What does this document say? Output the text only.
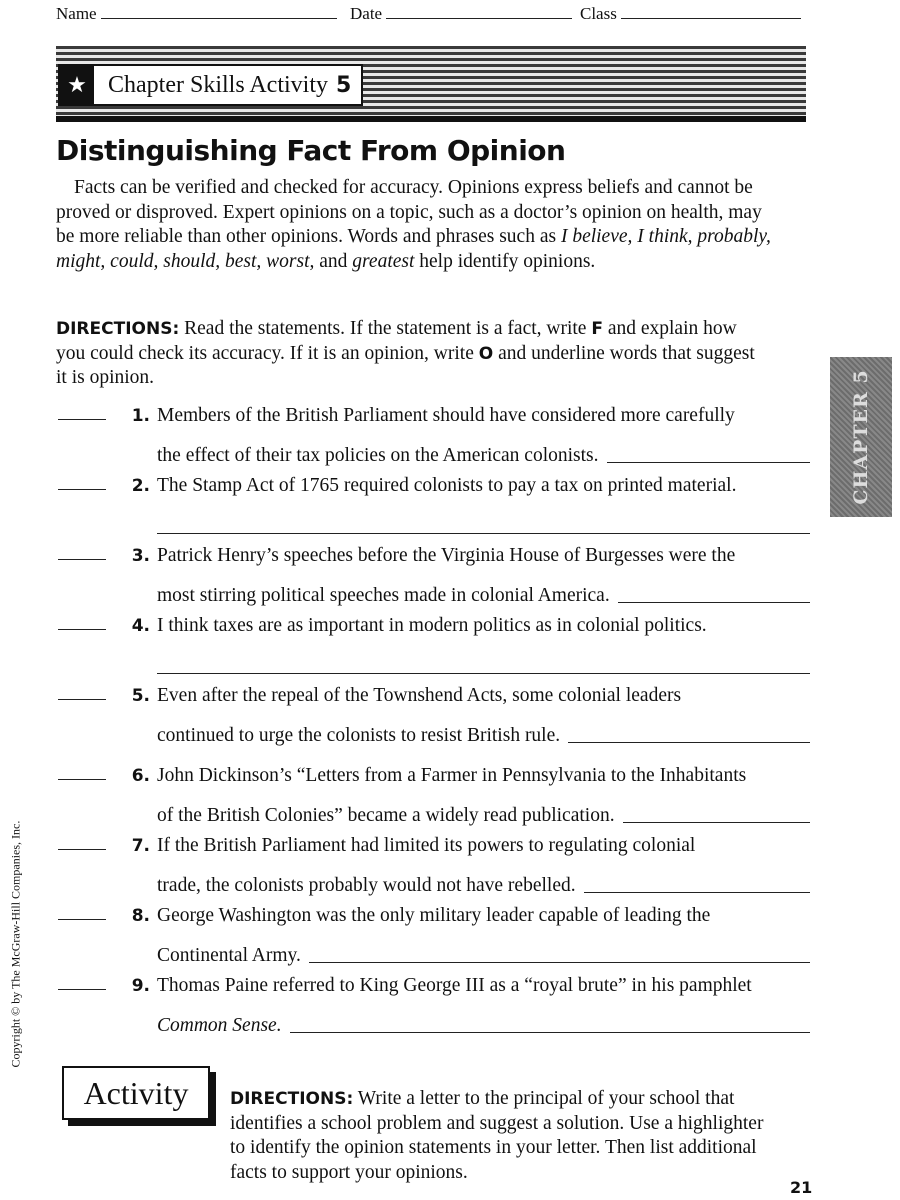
Name	Date	Class
★ Chapter Skills Activity 5
Distinguishing Fact From Opinion

Facts can be verified and checked for accuracy. Opinions express beliefs and cannot be proved or disproved. Expert opinions on a topic, such as a doctor’s opinion on health, may be more reliable than other opinions. Words and phrases such as I believe, I think, probably, might, could, should, best, worst, and greatest help identify opinions.

DIRECTIONS: Read the statements. If the statement is a fact, write F and explain how you could check its accuracy. If it is an opinion, write O and underline words that suggest it is opinion.
1. Members of the British Parliament should have considered more carefully
the effect of their tax policies on the American colonists.
2. The Stamp Act of 1765 required colonists to pay a tax on printed material.
3. Patrick Henry’s speeches before the Virginia House of Burgesses were the
most stirring political speeches made in colonial America.
4. I think taxes are as important in modern politics as in colonial politics.
5. Even after the repeal of the Townshend Acts, some colonial leaders
continued to urge the colonists to resist British rule.
6. John Dickinson’s “Letters from a Farmer in Pennsylvania to the Inhabitants
of the British Colonies” became a widely read publication.
7. If the British Parliament had limited its powers to regulating colonial
trade, the colonists probably would not have rebelled.
8. George Washington was the only military leader capable of leading the
Continental Army.
9. Thomas Paine referred to King George III as a “royal brute” in his pamphlet
Common Sense.
CHAPTER 5
Copyright © by The McGraw-Hill Companies, Inc.
DIRECTIONS: Write a letter to the principal of your school that identifies a school problem and suggest a solution. Use a highlighter to identify the opinion statements in your letter. Then list additional facts to support your opinions.
Activity
21
